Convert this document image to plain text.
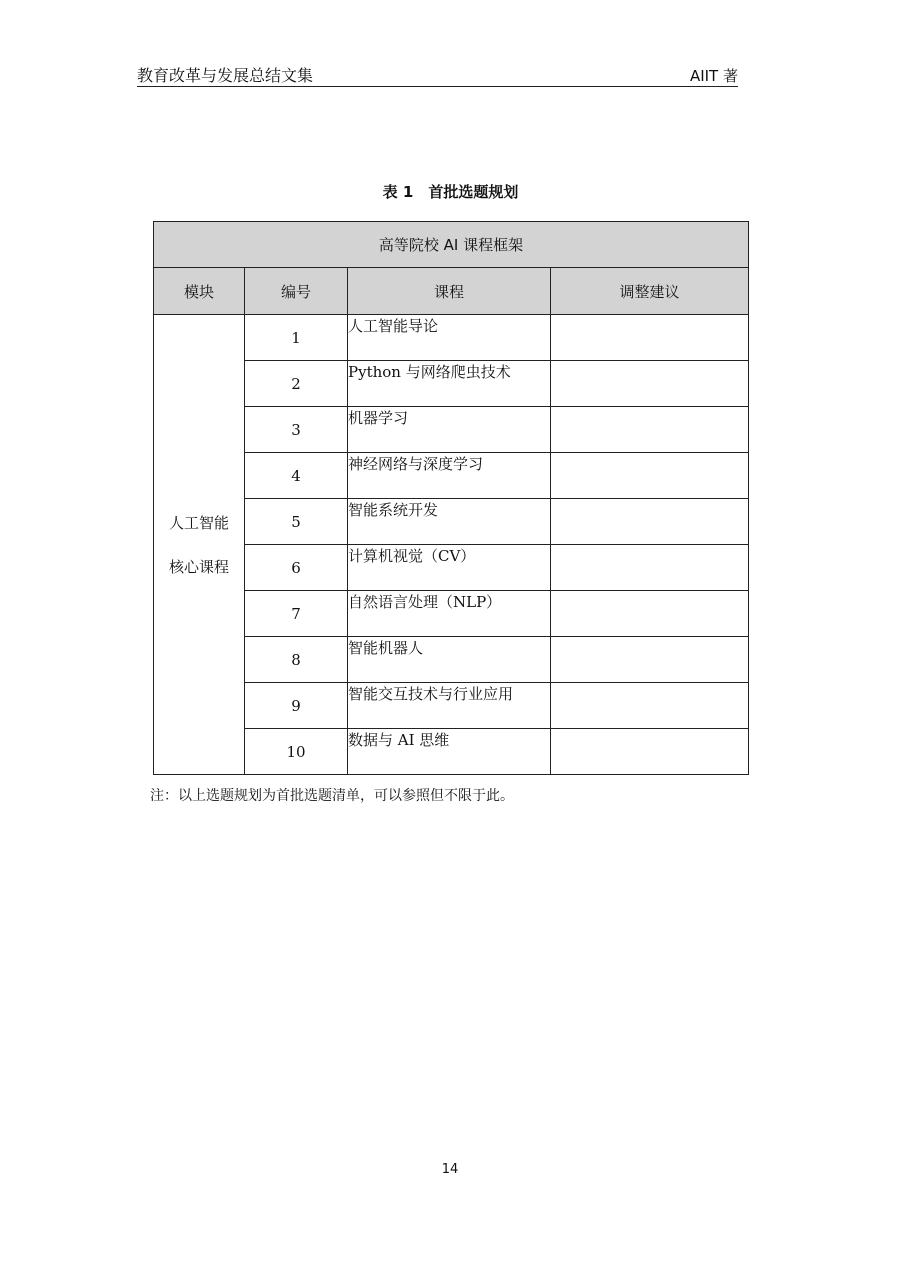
教育改革与发展总结文集	AIIT 著
表 1　首批选题规划
高等院校 AI 课程框架			
模块	编号	课程	调整建议

人工智能
核心课程	1	人工智能导论	
	2	Python 与网络爬虫技术	
	3	机器学习	
	4	神经网络与深度学习	
	5	智能系统开发	
	6	计算机视觉（CV）	
	7	自然语言处理（NLP）	
	8	智能机器人	
	9	智能交互技术与行业应用	
	10	数据与 AI 思维	
注：以上选题规划为首批选题清单，可以参照但不限于此。
14
